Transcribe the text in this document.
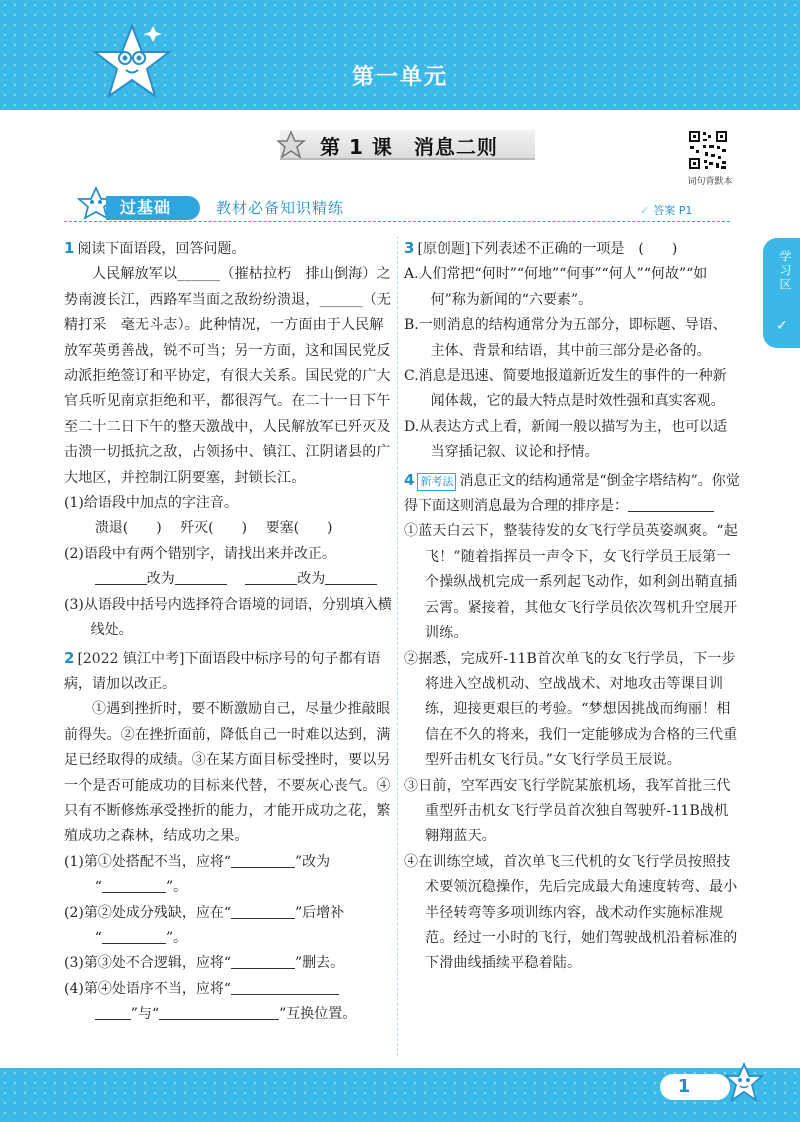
第一单元
第 1 课　消息二则
词句背默本
过基础	教材必备知识精练	✓ 答案 P1
学习区
✓
1 阅读下面语段，回答问题。
人民解放军以______（摧枯拉朽　排山倒海）之势南渡长江，西路军当面之敌纷纷溃退，______（无精打采　毫无斗志）。此种情况，一方面由于人民解放军英勇善战，锐不可当；另一方面，这和国民党反动派拒绝签订和平协定，有很大关系。国民党的广大官兵听见南京拒绝和平，都很泻气。在二十一日下午至二十二日下午的整天激战中，人民解放军已歼灭及击溃一切抵抗之敌，占领扬中、镇江、江阴诸县的广大地区，并控制江阴要塞，封锁长江。
(1)给语段中加点的字注音。
溃退(　　)  歼灭(　　)  要塞(　　)
(2)语段中有两个错别字，请找出来并改正。
改为 	改为
(3)从语段中括号内选择符合语境的词语，分别填入横线处。
2 [2022 镇江中考]下面语段中标序号的句子都有语病，请加以改正。
①遇到挫折时，要不断激励自己，尽量少推敲眼前得失。②在挫折面前，降低自己一时难以达到，满足已经取得的成绩。③在某方面目标受挫时，要以另一个是否可能成功的目标来代替，不要灰心丧气。④只有不断修炼承受挫折的能力，才能开成功之花，繁殖成功之森林，结成功之果。
(1)第①处搭配不当，应将“	”改为
“	”。
(2)第②处成分残缺，应在“	”后增补
“	”。
(3)第③处不合逻辑，应将“	”删去。
(4)第④处语序不当，应将“
”与“	”互换位置。
3 [原创题]下列表述不正确的一项是　(　　)
A.人们常把“何时”“何地”“何事”“何人”“何故”“如何”称为新闻的“六要素”。
B.一则消息的结构通常分为五部分，即标题、导语、主体、背景和结语，其中前三部分是必备的。
C.消息是迅速、简要地报道新近发生的事件的一种新闻体裁，它的最大特点是时效性强和真实客观。
D.从表达方式上看，新闻一般以描写为主，也可以适当穿插记叙、议论和抒情。
4 新考法 消息正文的结构通常是“倒金字塔结构”。你觉得下面这则消息最为合理的排序是：
①蓝天白云下，整装待发的女飞行学员英姿飒爽。“起飞！”随着指挥员一声令下，女飞行学员王辰第一个操纵战机完成一系列起飞动作，如利剑出鞘直插云霄。紧接着，其他女飞行学员依次驾机升空展开训练。
②据悉，完成歼-11B首次单飞的女飞行学员，下一步将进入空战机动、空战战术、对地攻击等课目训练，迎接更艰巨的考验。“梦想因挑战而绚丽！相信在不久的将来，我们一定能够成为合格的三代重型歼击机女飞行员。”女飞行学员王辰说。
③日前，空军西安飞行学院某旅机场，我军首批三代重型歼击机女飞行学员首次独自驾驶歼-11B战机翱翔蓝天。
④在训练空域，首次单飞三代机的女飞行学员按照技术要领沉稳操作，先后完成最大角速度转弯、最小半径转弯等多项训练内容，战术动作实施标准规范。经过一小时的飞行，她们驾驶战机沿着标准的下滑曲线插续平稳着陆。
1
